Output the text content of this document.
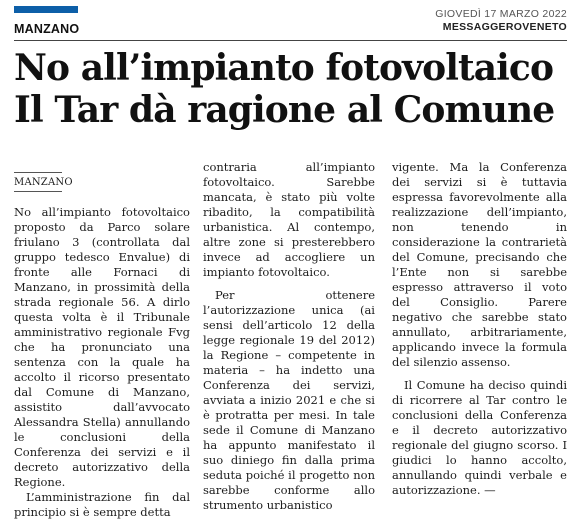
MANZANO
GIOVEDÌ 17 MARZO 2022
MESSAGGEROVENETO
No all’impianto fotovoltaico
Il Tar dà ragione al Comune
MANZANO

No all’impianto fotovoltaico proposto da Parco solare friulano 3 (controllata dal gruppo tedesco Envalue) di fronte alle Fornaci di Manzano, in prossimità della strada regionale 56. A dirlo questa volta è il Tribunale amministrativo regionale Fvg che ha pronunciato una sentenza con la quale ha accolto il ricorso presentato dal Comune di Manzano, assistito dall’avvocato Alessandra Stella) annullando le conclusioni della Conferenza dei servizi e il decreto autorizzativo della Regione.

L’amministrazione fin dal principio si è sempre detta

contraria all’impianto fotovoltaico. Sarebbe mancata, è stato più volte ribadito, la compatibilità urbanistica. Al contempo, altre zone si presterebbero invece ad accogliere un impianto fotovoltaico.

Per ottenere l’autorizzazione unica (ai sensi dell’articolo 12 della legge regionale 19 del 2012) la Regione – competente in materia – ha indetto una Conferenza dei servizi, avviata a inizio 2021 e che si è protratta per mesi. In tale sede il Comune di Manzano ha appunto manifestato il suo diniego fin dalla prima seduta poiché il progetto non sarebbe conforme allo strumento urbanistico

vigente. Ma la Conferenza dei servizi si è tuttavia espressa favorevolmente alla realizzazione dell’impianto, non tenendo in considerazione la contrarietà del Comune, precisando che l’Ente non si sarebbe espresso attraverso il voto del Consiglio. Parere negativo che sarebbe stato annullato, arbitrariamente, applicando invece la formula del silenzio assenso.

Il Comune ha deciso quindi di ricorrere al Tar contro le conclusioni della Conferenza e il decreto autorizzativo regionale del giugno scorso. I giudici lo hanno accolto, annullando quindi verbale e autorizzazione. —
